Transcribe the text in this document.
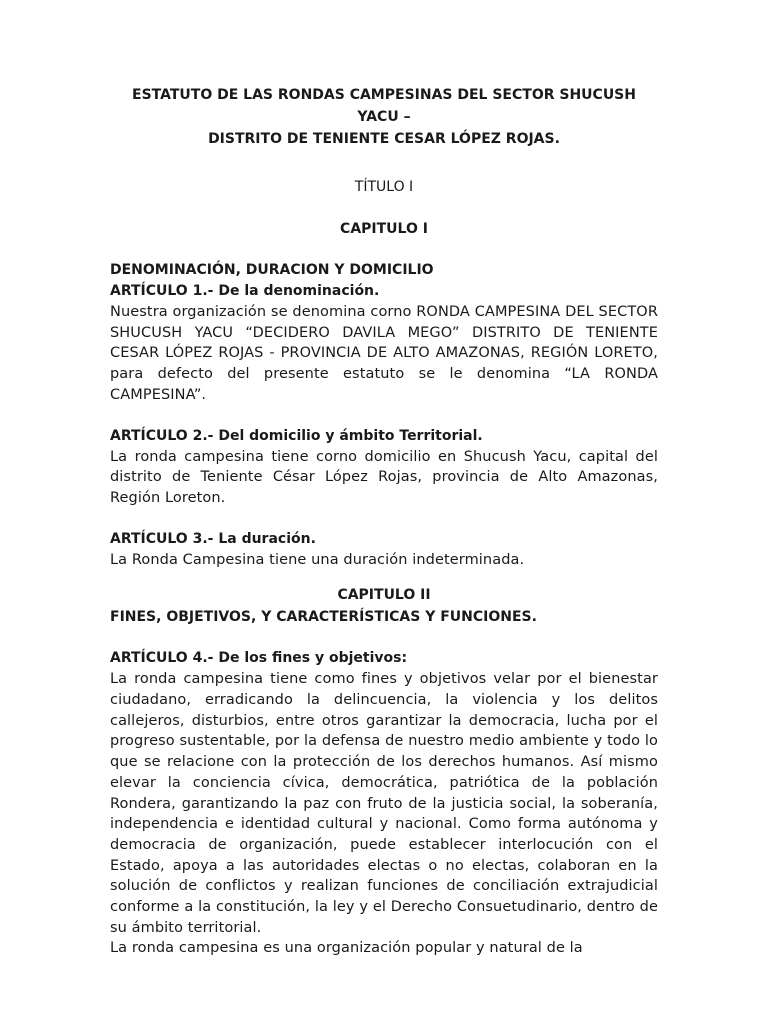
ESTATUTO DE LAS RONDAS CAMPESINAS DEL SECTOR SHUCUSH YACU –

DISTRITO DE TENIENTE CESAR LÓPEZ ROJAS.

TÍTULO I

CAPITULO I

DENOMINACIÓN, DURACION Y DOMICILIO

ARTÍCULO 1.- De la denominación.

Nuestra organización se denomina corno RONDA CAMPESINA DEL SECTOR SHUCUSH YACU “DECIDERO DAVILA MEGO” DISTRITO DE TENIENTE CESAR LÓPEZ ROJAS - PROVINCIA DE ALTO AMAZONAS, REGIÓN LORETO, para defecto del presente estatuto se le denomina “LA RONDA CAMPESINA”.

ARTÍCULO 2.- Del domicilio y ámbito Territorial.

La ronda campesina tiene corno domicilio en Shucush Yacu, capital del distrito de Teniente César López Rojas, provincia de Alto Amazonas, Región Loreton.

ARTÍCULO 3.- La duración.

La Ronda Campesina tiene una duración indeterminada.

CAPITULO II

FINES, OBJETIVOS, Y CARACTERÍSTICAS Y FUNCIONES.

ARTÍCULO 4.- De los fines y objetivos:

La ronda campesina tiene como fines y objetivos velar por el bienestar ciudadano, erradicando la delincuencia, la violencia y los delitos callejeros, disturbios, entre otros garantizar la democracia, lucha por el progreso sustentable, por la defensa de nuestro medio ambiente y todo lo que se relacione con la protección de los derechos humanos. Así mismo elevar la conciencia cívica, democrática, patriótica de la población Rondera, garantizando la paz con fruto de la justicia social, la soberanía, independencia e identidad cultural y nacional. Como forma autónoma y democracia de organización, puede establecer interlocución con el Estado, apoya a las autoridades electas o no electas, colaboran en la solución de conflictos y realizan funciones de conciliación extrajudicial conforme a la constitución, la ley y el Derecho Consuetudinario, dentro de su ámbito territorial.

La ronda campesina es una organización popular y natural de la
